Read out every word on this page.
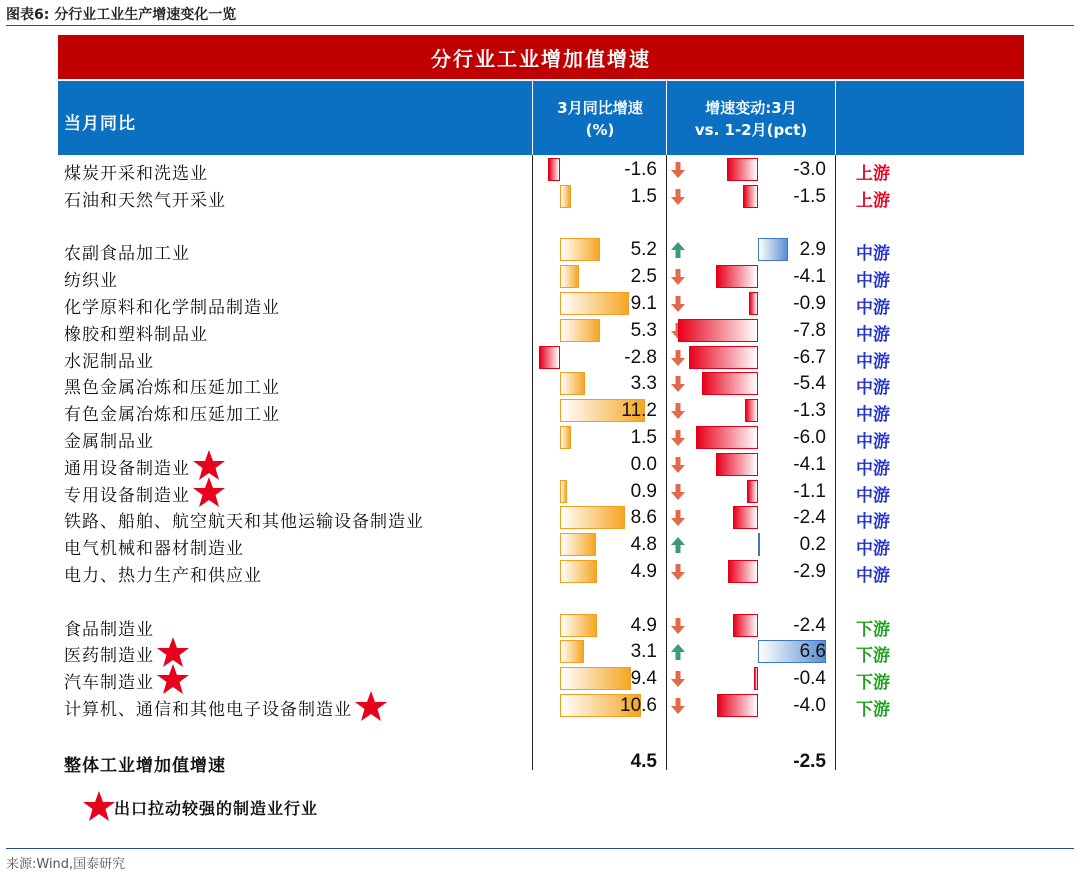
图表6: 分行业工业生产增速变化一览
分行业工业增加值增速
当月同比
3月同比增速
(%)
增速变动:3月
vs. 1-2月(pct)
煤炭开采和洗选业	-1.6	-3.0 上游
石油和天然气开采业	1.5	-1.5 上游
农副食品加工业	5.2	2.9 中游
纺织业	2.5	-4.1 中游
化学原料和化学制品制造业	9.1	-0.9 中游
橡胶和塑料制品业	5.3	-7.8 中游
水泥制品业	-2.8	-6.7 中游
黑色金属冶炼和压延加工业	3.3	-5.4 中游
有色金属冶炼和压延加工业	11.2	-1.3 中游
金属制品业	1.5	-6.0 中游
通用设备制造业	0.0	-4.1 中游
专用设备制造业	0.9	-1.1 中游
铁路、船舶、航空航天和其他运输设备制造业	8.6	-2.4 中游
电气机械和器材制造业	4.8	0.2 中游
电力、热力生产和供应业	4.9	-2.9 中游
食品制造业	4.9	-2.4 下游
医药制造业	3.1	6.6 下游
汽车制造业	9.4	-0.4 下游
计算机、通信和其他电子设备制造业	10.6	-4.0 下游
整体工业增加值增速	4.5	-2.5
出口拉动较强的制造业行业
来源:Wind,国泰研究
